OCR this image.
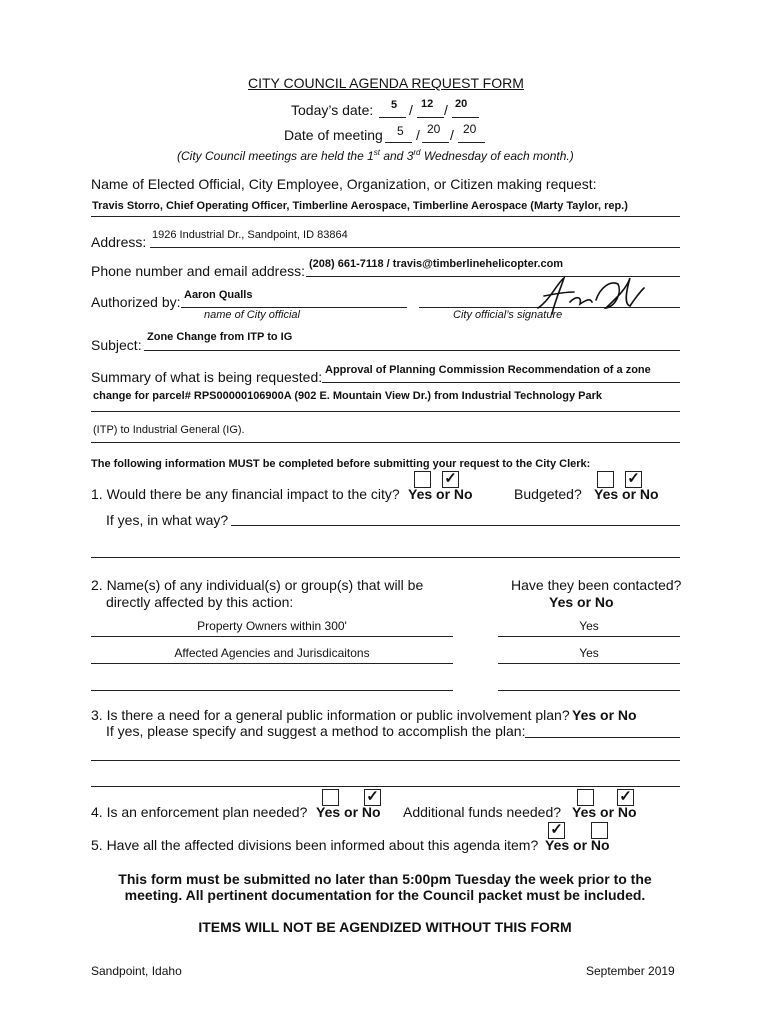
CITY COUNCIL AGENDA REQUEST FORM
Today’s date: 5 / 12 / 20
Date of meeting 5 / 20 / 20
(City Council meetings are held the 1st and 3rd Wednesday of each month.)
Name of Elected Official, City Employee, Organization, or Citizen making request:
Travis Storro, Chief Operating Officer, Timberline Aerospace, Timberline Aerospace (Marty Taylor, rep.)
Address: 1926 Industrial Dr., Sandpoint, ID 83864
Phone number and email address: (208) 661-7118 / travis@timberlinehelicopter.com
Authorized by: Aaron Qualls
name of City official	City official’s signature
Subject: Zone Change from ITP to IG
Summary of what is being requested: Approval of Planning Commission Recommendation of a zone
change for parcel# RPS00000106900A (902 E. Mountain View Dr.) from Industrial Technology Park
(ITP) to Industrial General (IG).
The following information MUST be completed before submitting your request to the City Clerk:
✓
1. Would there be any financial impact to the city? Yes or No
✓
Budgeted? Yes or No
If yes, in what way?
2. Name(s) of any individual(s) or group(s) that will be
directly affected by this action:
Have they been contacted?
Yes or No
Property Owners within 300'	Yes
Affected Agencies and Jurisdicaitons	Yes
3. Is there a need for a general public information or public involvement plan? Yes or No
If yes, please specify and suggest a method to accomplish the plan:
✓
4. Is an enforcement plan needed? Yes or No
✓
Additional funds needed? Yes or No
✓
5. Have all the affected divisions been informed about this agenda item? Yes or No
This form must be submitted no later than 5:00pm Tuesday the week prior to the
meeting. All pertinent documentation for the Council packet must be included.
ITEMS WILL NOT BE AGENDIZED WITHOUT THIS FORM
Sandpoint, Idaho	September 2019
